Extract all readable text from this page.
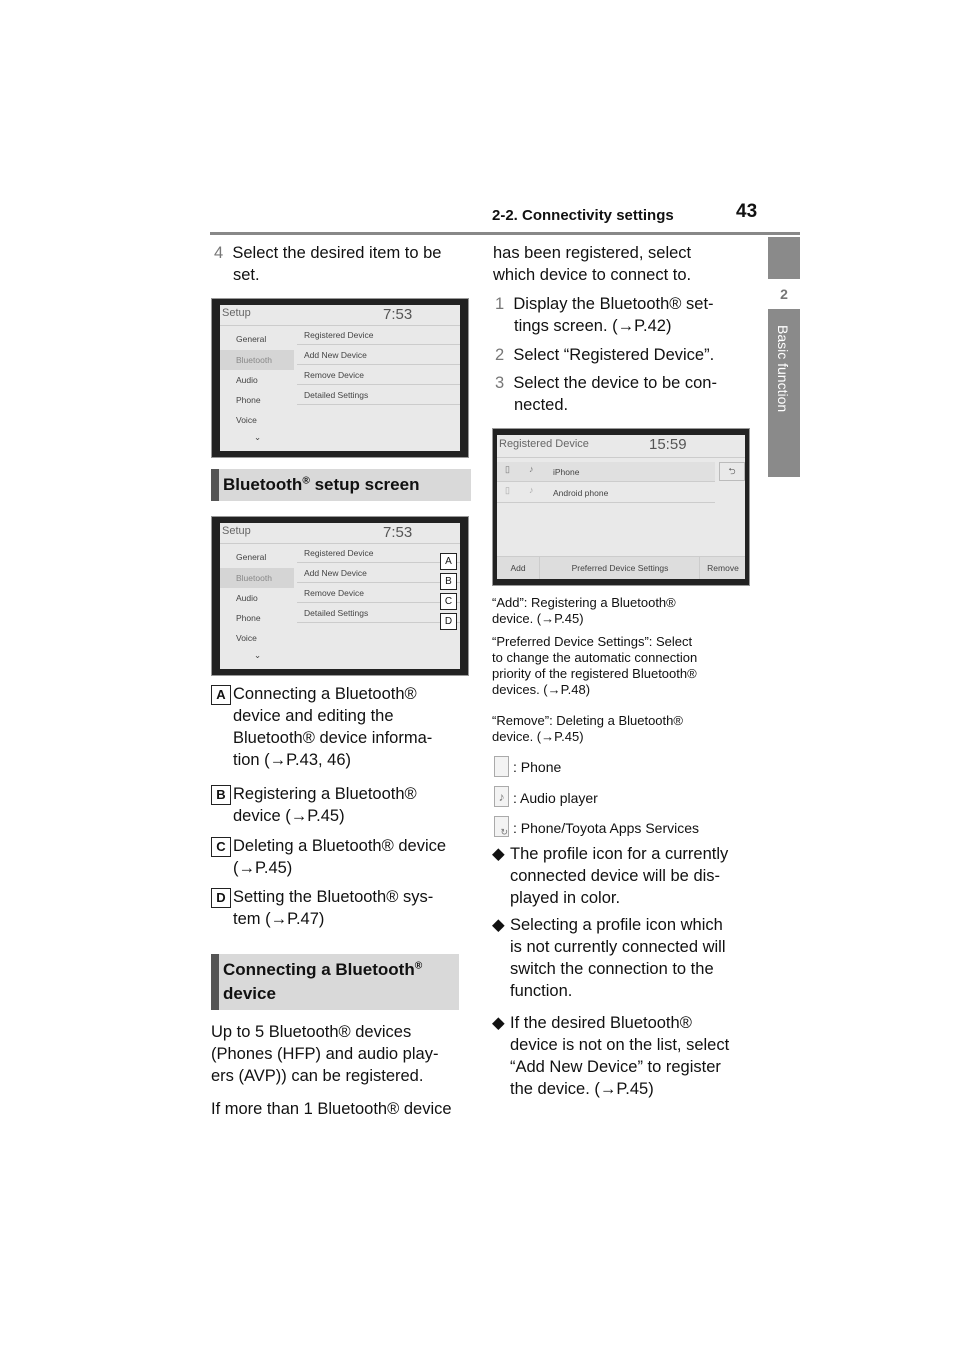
2-2. Connectivity settings	43
2
Basic function
4 Select the desired item to be
set.
Setup	7:53
General
Bluetooth
Audio
Phone
Voice
⌄
Registered Device
Add New Device
Remove Device
Detailed Settings
Bluetooth® setup screen
Setup	7:53
General
Bluetooth
Audio
Phone
Voice
⌄
Registered Device
Add New Device
Remove Device
Detailed Settings
A
B
C
D
A Connecting a Bluetooth®
device and editing the
Bluetooth® device informa-
tion (→P.43, 46)
B Registering a Bluetooth®
device (→P.45)
C Deleting a Bluetooth® device
(→P.45)
D Setting the Bluetooth® sys-
tem (→P.47)
Connecting a Bluetooth®
device
Up to 5 Bluetooth® devices
(Phones (HFP) and audio play-
ers (AVP)) can be registered.
If more than 1 Bluetooth® device
has been registered, select
which device to connect to.
1 Display the Bluetooth® set-
tings screen. (→P.42)
2 Select “Registered Device”.
3 Select the device to be con-
nected.
Registered Device	15:59
▯ ♪ iPhone	⮌
▯ ♪ Android phone
Add	Preferred Device Settings	Remove
“Add”: Registering a Bluetooth®
device. (→P.45)
“Preferred Device Settings”: Select
to change the automatic connection
priority of the registered Bluetooth®
devices. (→P.48)
“Remove”: Deleting a Bluetooth®
device. (→P.45)
: Phone
♪ : Audio player
↻ : Phone/Toyota Apps Services
◆ The profile icon for a currently
connected device will be dis-
played in color.
◆ Selecting a profile icon which
is not currently connected will
switch the connection to the
function.
◆ If the desired Bluetooth®
device is not on the list, select
“Add New Device” to register
the device. (→P.45)
